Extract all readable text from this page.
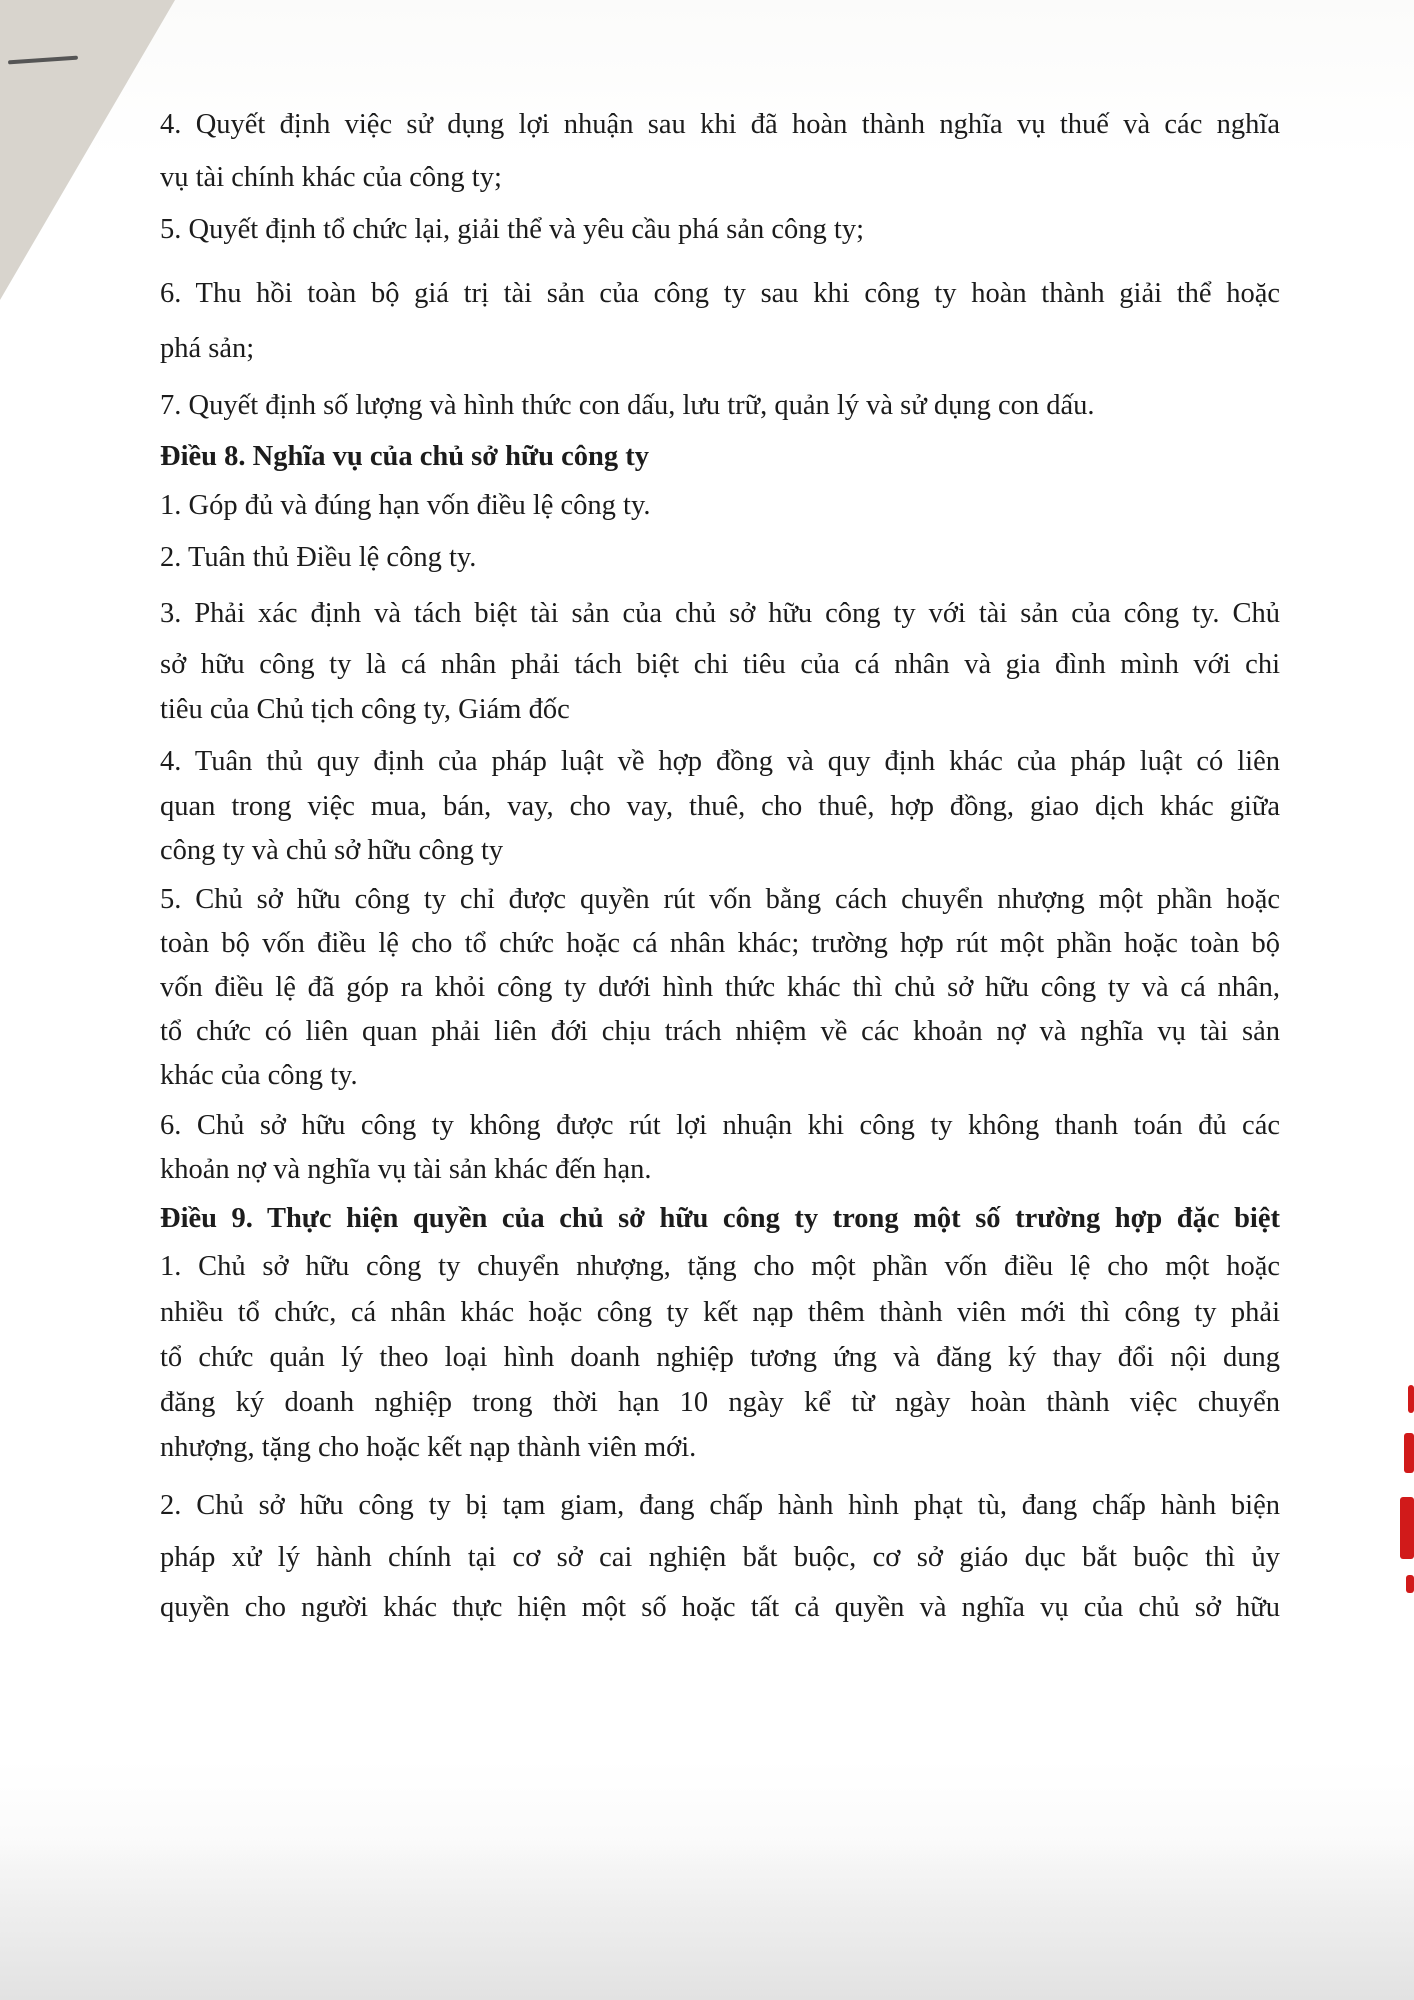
4. Quyết định việc sử dụng lợi nhuận sau khi đã hoàn thành nghĩa vụ thuế và các nghĩa
vụ tài chính khác của công ty;
5. Quyết định tổ chức lại, giải thể và yêu cầu phá sản công ty;
6. Thu hồi toàn bộ giá trị tài sản của công ty sau khi công ty hoàn thành giải thể hoặc
phá sản;
7. Quyết định số lượng và hình thức con dấu, lưu trữ, quản lý và sử dụng con dấu.
Điều 8. Nghĩa vụ của chủ sở hữu công ty
1. Góp đủ và đúng hạn vốn điều lệ công ty.
2. Tuân thủ Điều lệ công ty.
3. Phải xác định và tách biệt tài sản của chủ sở hữu công ty với tài sản của công ty. Chủ
sở hữu công ty là cá nhân phải tách biệt chi tiêu của cá nhân và gia đình mình với chi
tiêu của Chủ tịch công ty, Giám đốc
4. Tuân thủ quy định của pháp luật về hợp đồng và quy định khác của pháp luật có liên
quan trong việc mua, bán, vay, cho vay, thuê, cho thuê, hợp đồng, giao dịch khác giữa
công ty và chủ sở hữu công ty
5. Chủ sở hữu công ty chỉ được quyền rút vốn bằng cách chuyển nhượng một phần hoặc
toàn bộ vốn điều lệ cho tổ chức hoặc cá nhân khác; trường hợp rút một phần hoặc toàn bộ
vốn điều lệ đã góp ra khỏi công ty dưới hình thức khác thì chủ sở hữu công ty và cá nhân,
tổ chức có liên quan phải liên đới chịu trách nhiệm về các khoản nợ và nghĩa vụ tài sản
khác của công ty.
6. Chủ sở hữu công ty không được rút lợi nhuận khi công ty không thanh toán đủ các
khoản nợ và nghĩa vụ tài sản khác đến hạn.
Điều 9. Thực hiện quyền của chủ sở hữu công ty trong một số trường hợp đặc biệt
1. Chủ sở hữu công ty chuyển nhượng, tặng cho một phần vốn điều lệ cho một hoặc
nhiều tổ chức, cá nhân khác hoặc công ty kết nạp thêm thành viên mới thì công ty phải
tổ chức quản lý theo loại hình doanh nghiệp tương ứng và đăng ký thay đổi nội dung
đăng ký doanh nghiệp trong thời hạn 10 ngày kể từ ngày hoàn thành việc chuyển
nhượng, tặng cho hoặc kết nạp thành viên mới.
2. Chủ sở hữu công ty bị tạm giam, đang chấp hành hình phạt tù, đang chấp hành biện
pháp xử lý hành chính tại cơ sở cai nghiện bắt buộc, cơ sở giáo dục bắt buộc thì ủy
quyền cho người khác thực hiện một số hoặc tất cả quyền và nghĩa vụ của chủ sở hữu
